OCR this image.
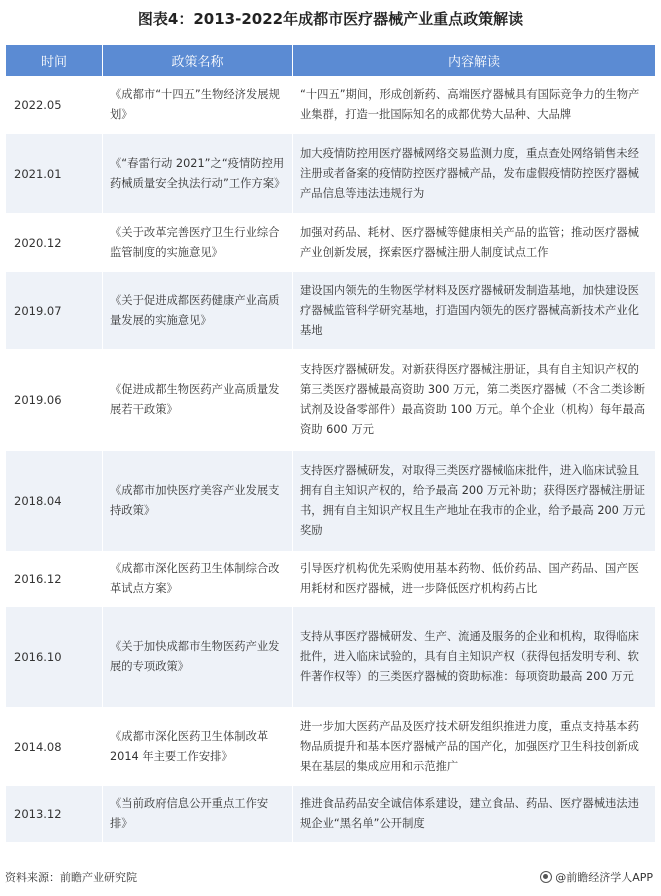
图表4：2013-2022年成都市医疗器械产业重点政策解读
时间	政策名称	内容解读
2022.05	《成都市“十四五”生物经济发展规划》	“十四五”期间，形成创新药、高端医疗器械具有国际竞争力的生物产业集群，打造一批国际知名的成都优势大品种、大品牌
2021.01	《“春雷行动 2021”之“疫情防控用药械质量安全执法行动”工作方案》	加大疫情防控用医疗器械网络交易监测力度，重点查处网络销售未经注册或者备案的疫情防控医疗器械产品，发布虚假疫情防控医疗器械产品信息等违法违规行为
2020.12	《关于改革完善医疗卫生行业综合监管制度的实施意见》	加强对药品、耗材、医疗器械等健康相关产品的监管；推动医疗器械产业创新发展，探索医疗器械注册人制度试点工作
2019.07	《关于促进成都医药健康产业高质量发展的实施意见》	建设国内领先的生物医学材料及医疗器械研发制造基地，加快建设医疗器械监管科学研究基地，打造国内领先的医疗器械高新技术产业化基地
2019.06	《促进成都生物医药产业高质量发展若干政策》	支持医疗器械研发。对新获得医疗器械注册证，具有自主知识产权的第三类医疗器械最高资助 300 万元，第二类医疗器械（不含二类诊断试剂及设备零部件）最高资助 100 万元。单个企业（机构）每年最高资助 600 万元
2018.04	《成都市加快医疗美容产业发展支持政策》	支持医疗器械研发，对取得三类医疗器械临床批件，进入临床试验且拥有自主知识产权的，给予最高 200 万元补助；获得医疗器械注册证书，拥有自主知识产权且生产地址在我市的企业，给予最高 200 万元奖励
2016.12	《成都市深化医药卫生体制综合改革试点方案》	引导医疗机构优先采购使用基本药物、低价药品、国产药品、国产医用耗材和医疗器械，进一步降低医疗机构药占比
2016.10	《关于加快成都市生物医药产业发展的专项政策》	支持从事医疗器械研发、生产、流通及服务的企业和机构，取得临床批件，进入临床试验的，具有自主知识产权（获得包括发明专利、软件著作权等）的三类医疗器械的资助标准：每项资助最高 200 万元
2014.08	《成都市深化医药卫生体制改革 2014 年主要工作安排》	进一步加大医药产品及医疗技术研发组织推进力度，重点支持基本药物品质提升和基本医疗器械产品的国产化，加强医疗卫生科技创新成果在基层的集成应用和示范推广
2013.12	《当前政府信息公开重点工作安排》	推进食品药品安全诚信体系建设，建立食品、药品、医疗器械违法违规企业“黑名单”公开制度
资料来源：前瞻产业研究院	@前瞻经济学人APP
